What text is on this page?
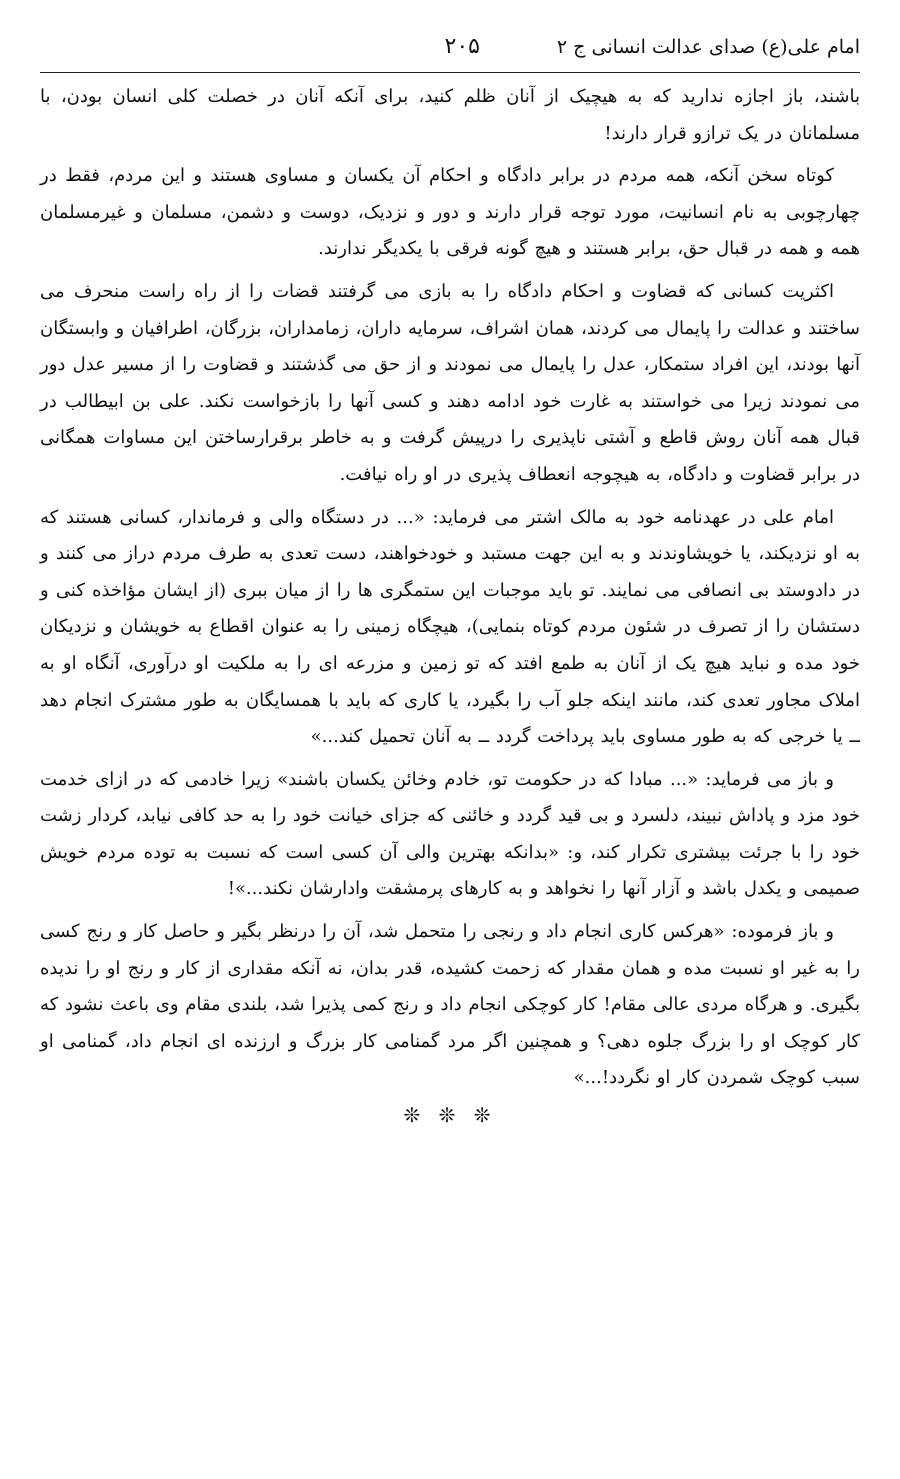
امام علی(ع) صدای عدالت انسانی ج ۲
۲۰۵

باشند، باز اجازه ندارید که به هیچیک از آنان ظلم کنید، برای آنکه آنان در خصلت کلی انسان بودن، با مسلمانان در یک ترازو قرار دارند!

کوتاه سخن آنکه، همه مردم در برابر دادگاه و احکام آن یکسان و مساوی هستند و این مردم، فقط در چهارچوبی به نام انسانیت، مورد توجه قرار دارند و دور و نزدیک، دوست و دشمن، مسلمان و غیرمسلمان همه و همه در قبال حق، برابر هستند و هیچ گونه فرقی با یکدیگر ندارند.

اکثریت کسانی که قضاوت و احکام دادگاه را به بازی می گرفتند قضات را از راه راست منحرف می ساختند و عدالت را پایمال می کردند، همان اشراف، سرمایه داران، زمامداران، بزرگان، اطرافیان و وابستگان آنها بودند، این افراد ستمکار، عدل را پایمال می نمودند و از حق می گذشتند و قضاوت را از مسیر عدل دور می نمودند زیرا می خواستند به غارت خود ادامه دهند و کسی آنها را بازخواست نکند. علی بن ابیطالب در قبال همه آنان روش قاطع و آشتی ناپذیری را درپیش گرفت و به خاطر برقرارساختن این مساوات همگانی در برابر قضاوت و دادگاه، به هیچوجه انعطاف پذیری در او راه نیافت.

امام علی در عهدنامه خود به مالک اشتر می فرماید: «... در دستگاه والی و فرماندار، کسانی هستند که به او نزدیکند، یا خویشاوندند و به این جهت مستبد و خودخواهند، دست تعدی به طرف مردم دراز می کنند و در دادوستد بی انصافی می نمایند. تو باید موجبات این ستمگری ها را از میان ببری (از ایشان مؤاخذه کنی و دستشان را از تصرف در شئون مردم کوتاه بنمایی)، هیچگاه زمینی را به عنوان اقطاع به خویشان و نزدیکان خود مده و نباید هیچ یک از آنان به طمع افتد که تو زمین و مزرعه ای را به ملکیت او درآوری، آنگاه او به املاک مجاور تعدی کند، مانند اینکه جلو آب را بگیرد، یا کاری که باید با همسایگان به طور مشترک انجام دهد ــ یا خرجی که به طور مساوی باید پرداخت گردد ــ به آنان تحمیل کند...»

و باز می فرماید: «... مبادا که در حکومت تو، خادم وخائن یکسان باشند» زیرا خادمی که در ازای خدمت خود مزد و پاداش نبیند، دلسرد و بی قید گردد و خائنی که جزای خیانت خود را به حد کافی نیابد، کردار زشت خود را با جرئت بیشتری تکرار کند، و: «بدانکه بهترین والی آن کسی است که نسبت به توده مردم خویش صمیمی و یکدل باشد و آزار آنها را نخواهد و به کارهای پرمشقت وادارشان نکند...»!

و باز فرموده: «هرکس کاری انجام داد و رنجی را متحمل شد، آن را درنظر بگیر و حاصل کار و رنج کسی را به غیر او نسبت مده و همان مقدار که زحمت کشیده، قدر بدان، نه آنکه مقداری از کار و رنج او را ندیده بگیری. و هرگاه مردی عالی مقام! کار کوچکی انجام داد و رنج کمی پذیرا شد، بلندی مقام وی باعث نشود که کار کوچک او را بزرگ جلوه دهی؟ و همچنین اگر مرد گمنامی کار بزرگ و ارزنده ای انجام داد، گمنامی او سبب کوچک شمردن کار او نگردد!...»

❊ ❊ ❊
